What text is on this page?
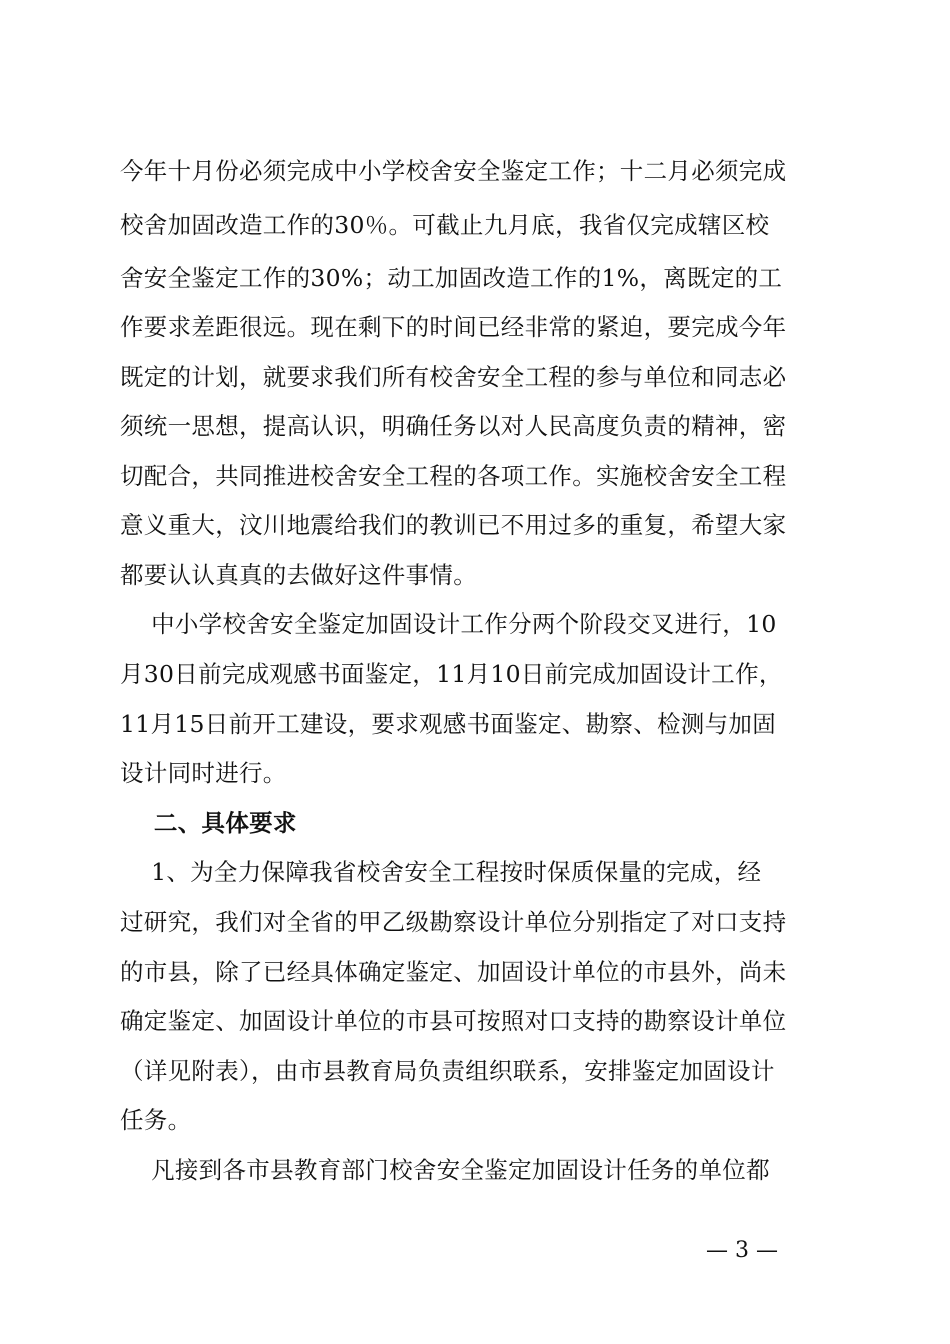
今年十月份必须完成中小学校舍安全鉴定工作；十二月必须完成
校舍加固改造工作的30％。可截止九月底，我省仅完成辖区校
舍安全鉴定工作的30%；动工加固改造工作的1%，离既定的工
作要求差距很远。现在剩下的时间已经非常的紧迫，要完成今年
既定的计划，就要求我们所有校舍安全工程的参与单位和同志必
须统一思想，提高认识，明确任务以对人民高度负责的精神，密
切配合，共同推进校舍安全工程的各项工作。实施校舍安全工程
意义重大，汶川地震给我们的教训已不用过多的重复，希望大家
都要认认真真的去做好这件事情。
中小学校舍安全鉴定加固设计工作分两个阶段交叉进行，10
月30日前完成观感书面鉴定，11月10日前完成加固设计工作，
11月15日前开工建设，要求观感书面鉴定、勘察、检测与加固
设计同时进行。
二、具体要求
1、为全力保障我省校舍安全工程按时保质保量的完成，经
过研究，我们对全省的甲乙级勘察设计单位分别指定了对口支持
的市县，除了已经具体确定鉴定、加固设计单位的市县外，尚未
确定鉴定、加固设计单位的市县可按照对口支持的勘察设计单位
（详见附表），由市县教育局负责组织联系，安排鉴定加固设计
任务。
凡接到各市县教育部门校舍安全鉴定加固设计任务的单位都
— 3 —
